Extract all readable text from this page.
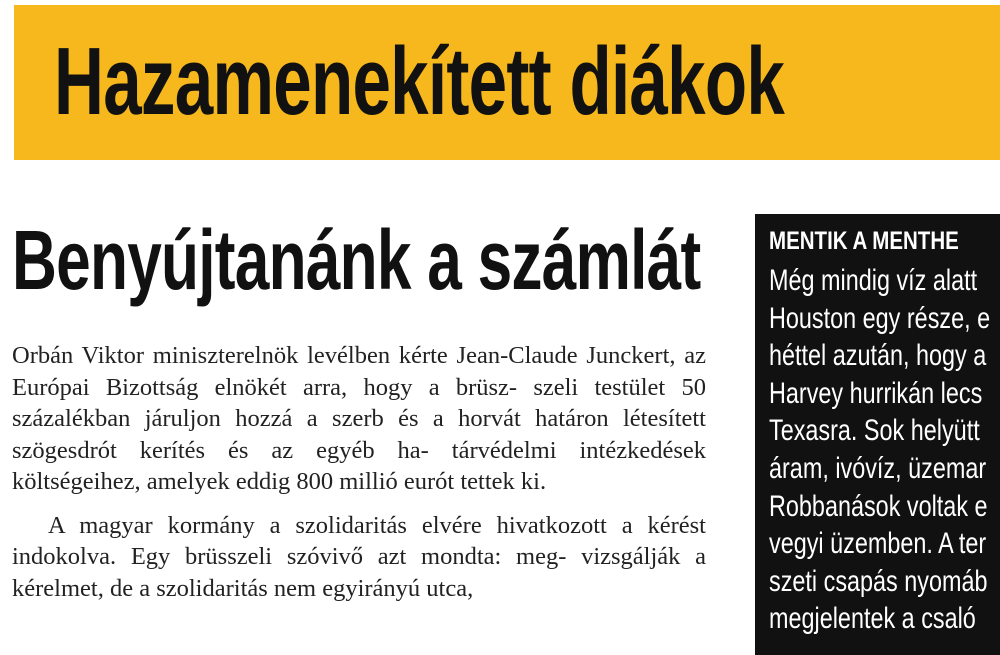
Hazamenekített diákok
Benyújtanánk a számlát

Orbán Viktor miniszterelnök levélben kérte Jean-Claude Junckert, az Európai Bizottság elnökét arra, hogy a brüsz- szeli testület 50 százalékban járuljon hozzá a szerb és a horvát határon létesített szögesdrót kerítés és az egyéb ha- tárvédelmi intézkedések költségeihez, amelyek eddig 800 millió eurót tettek ki.

A magyar kormány a szolidaritás elvére hivatkozott a kérést indokolva. Egy brüsszeli szóvivő azt mondta: meg- vizsgálják a kérelmet, de a szolidaritás nem egyirányú utca,

MENTIK A MENTHE
Még mindig víz alatt
Houston egy része, e
héttel azután, hogy a
Harvey hurrikán lecs
Texasra. Sok helyütt
áram, ivóvíz, üzemar
Robbanások voltak e
vegyi üzemben. A ter
szeti csapás nyomáb
megjelentek a csaló
